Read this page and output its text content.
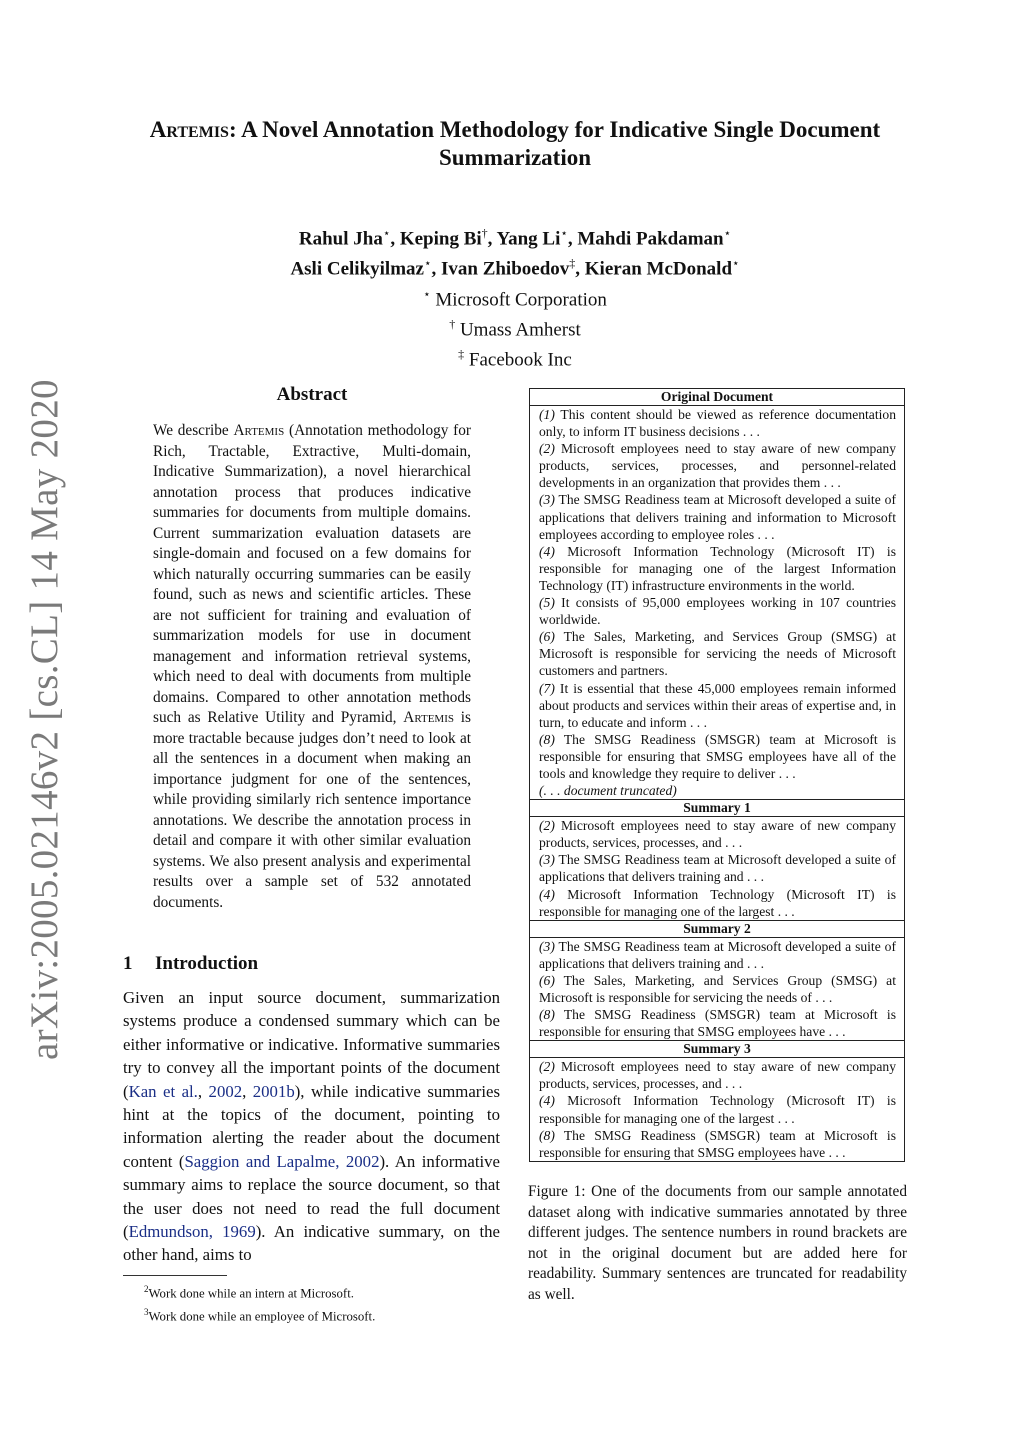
arXiv:2005.02146v2 [cs.CL] 14 May 2020
Artemis: A Novel Annotation Methodology for Indicative Single Document Summarization
Rahul Jha⋆, Keping Bi†, Yang Li⋆, Mahdi Pakdaman⋆
Asli Celikyilmaz⋆, Ivan Zhiboedov‡, Kieran McDonald⋆
⋆ Microsoft Corporation
† Umass Amherst
‡ Facebook Inc
Abstract
We describe Artemis (Annotation methodology for Rich, Tractable, Extractive, Multi-domain, Indicative Summarization), a novel hierarchical annotation process that produces indicative summaries for documents from multiple domains. Current summarization evaluation datasets are single-domain and focused on a few domains for which naturally occurring summaries can be easily found, such as news and scientific articles. These are not sufficient for training and evaluation of summarization models for use in document management and information retrieval systems, which need to deal with documents from multiple domains. Compared to other annotation methods such as Relative Utility and Pyramid, Artemis is more tractable because judges don’t need to look at all the sentences in a document when making an importance judgment for one of the sentences, while providing similarly rich sentence importance annotations. We describe the annotation process in detail and compare it with other similar evaluation systems. We also present analysis and experimental results over a sample set of 532 annotated documents.
1 Introduction
Given an input source document, summarization systems produce a condensed summary which can be either informative or indicative. Informative summaries try to convey all the important points of the document (Kan et al., 2002, 2001b), while indicative summaries hint at the topics of the document, pointing to information alerting the reader about the document content (Saggion and Lapalme, 2002). An informative summary aims to replace the source document, so that the user does not need to read the full document (Edmundson, 1969). An indicative summary, on the other hand, aims to
$^2$Work done while an intern at Microsoft.
$^3$Work done while an employee of Microsoft.
Original Document
(1) This content should be viewed as reference documentation only, to inform IT business decisions . . .
(2) Microsoft employees need to stay aware of new company products, services, processes, and personnel-related developments in an organization that provides them . . .
(3) The SMSG Readiness team at Microsoft developed a suite of applications that delivers training and information to Microsoft employees according to employee roles . . .
(4) Microsoft Information Technology (Microsoft IT) is responsible for managing one of the largest Information Technology (IT) infrastructure environments in the world.
(5) It consists of 95,000 employees working in 107 countries worldwide.
(6) The Sales, Marketing, and Services Group (SMSG) at Microsoft is responsible for servicing the needs of Microsoft customers and partners.
(7) It is essential that these 45,000 employees remain informed about products and services within their areas of expertise and, in turn, to educate and inform . . .
(8) The SMSG Readiness (SMSGR) team at Microsoft is responsible for ensuring that SMSG employees have all of the tools and knowledge they require to deliver . . .
(. . . document truncated)
Summary 1
(2) Microsoft employees need to stay aware of new company products, services, processes, and . . .
(3) The SMSG Readiness team at Microsoft developed a suite of applications that delivers training and . . .
(4) Microsoft Information Technology (Microsoft IT) is responsible for managing one of the largest . . .
Summary 2
(3) The SMSG Readiness team at Microsoft developed a suite of applications that delivers training and . . .
(6) The Sales, Marketing, and Services Group (SMSG) at Microsoft is responsible for servicing the needs of . . .
(8) The SMSG Readiness (SMSGR) team at Microsoft is responsible for ensuring that SMSG employees have . . .
Summary 3
(2) Microsoft employees need to stay aware of new company products, services, processes, and . . .
(4) Microsoft Information Technology (Microsoft IT) is responsible for managing one of the largest . . .
(8) The SMSG Readiness (SMSGR) team at Microsoft is responsible for ensuring that SMSG employees have . . .
Figure 1: One of the documents from our sample annotated dataset along with indicative summaries annotated by three different judges. The sentence numbers in round brackets are not in the original document but are added here for readability. Summary sentences are truncated for readability as well.
